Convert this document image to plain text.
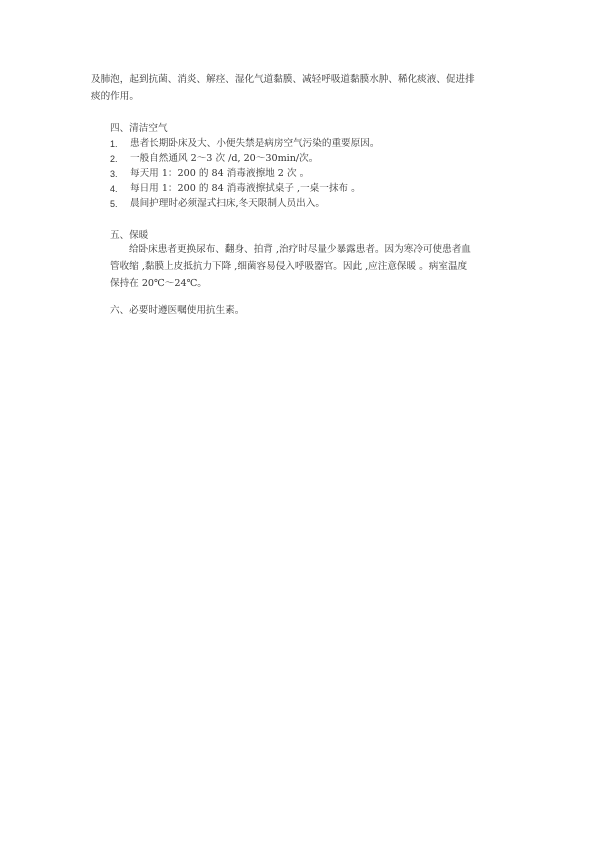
及肺泡，起到抗菌、消炎、解痉、湿化气道黏膜、减轻呼吸道黏膜水肿、稀化痰液、促进排
痰的作用。
四、清洁空气
1. 患者长期卧床及大、小便失禁是病房空气污染的重要原因。
2. 一般自然通风 2～3 次 /d, 20～30min/次。
3. 每天用 1：200 的 84 消毒液擦地 2 次 。
4. 每日用 1：200 的 84 消毒液擦拭桌子 ,一桌一抹布 。
5. 晨间护理时必须湿式扫床,冬天限制人员出入。
五、保暖
给卧床患者更换尿布、翻身、拍背 ,治疗时尽量少暴露患者。因为寒冷可使患者血
管收缩 ,黏膜上皮抵抗力下降 ,细菌容易侵入呼吸器官。因此 ,应注意保暖 。病室温度
保持在 20℃～24℃。
六、必要时遵医嘱使用抗生素。
